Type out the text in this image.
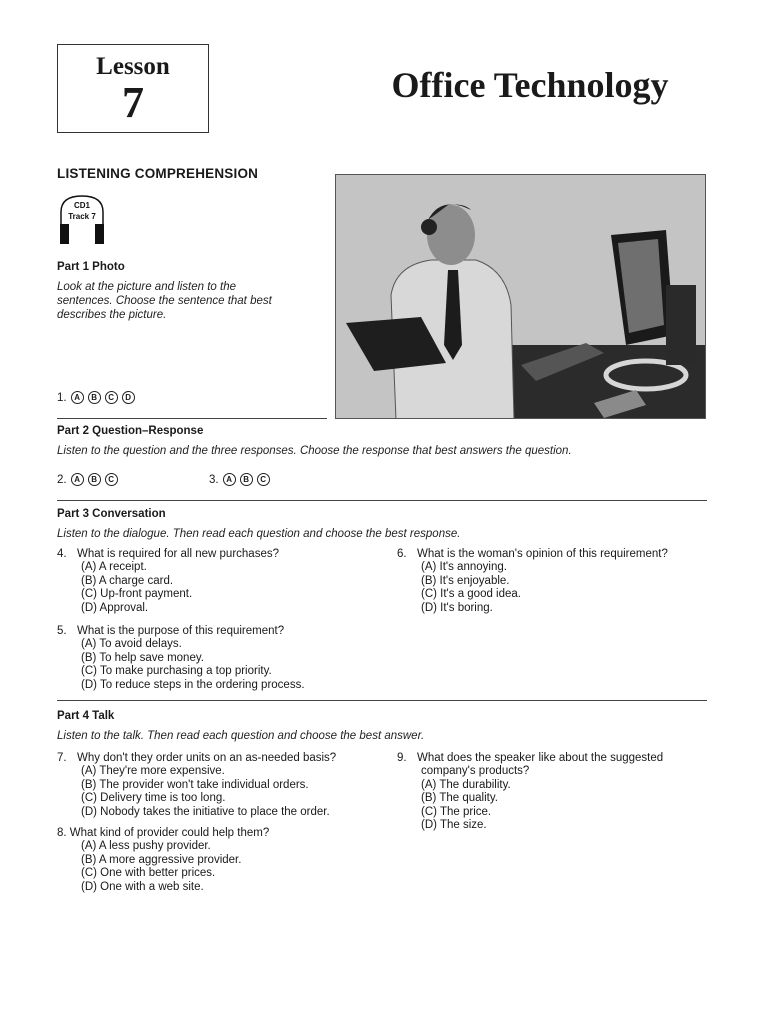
Lesson
7	Office Technology
LISTENING COMPREHENSION
CD1
Track 7
Part 1 Photo
Look at the picture and listen to the sentences. Choose the sentence that best describes the picture.
1. A	B	C	D
Part 2 Question–Response
Listen to the question and the three responses. Choose the response that best answers the question.
2. A	B	C	3. A	B	C
Part 3 Conversation
Listen to the dialogue. Then read each question and choose the best response.
4. What is required for all new purchases?
(A) A receipt.
(B) A charge card.
(C) Up-front payment.
(D) Approval.
5. What is the purpose of this requirement?
(A) To avoid delays.
(B) To help save money.
(C) To make purchasing a top priority.
(D) To reduce steps in the ordering process.
6. What is the woman's opinion of this requirement?
(A) It's annoying.
(B) It's enjoyable.
(C) It's a good idea.
(D) It's boring.
Part 4 Talk
Listen to the talk. Then read each question and choose the best answer.
7. Why don't they order units on an as-needed basis?
(A) They're more expensive.
(B) The provider won't take individual orders.
(C) Delivery time is too long.
(D) Nobody takes the initiative to place the order.
8. What kind of provider could help them?
(A) A less pushy provider.
(B) A more aggressive provider.
(C) One with better prices.
(D) One with a web site.
9. What does the speaker like about the suggested
company's products?
(A) The durability.
(B) The quality.
(C) The price.
(D) The size.
